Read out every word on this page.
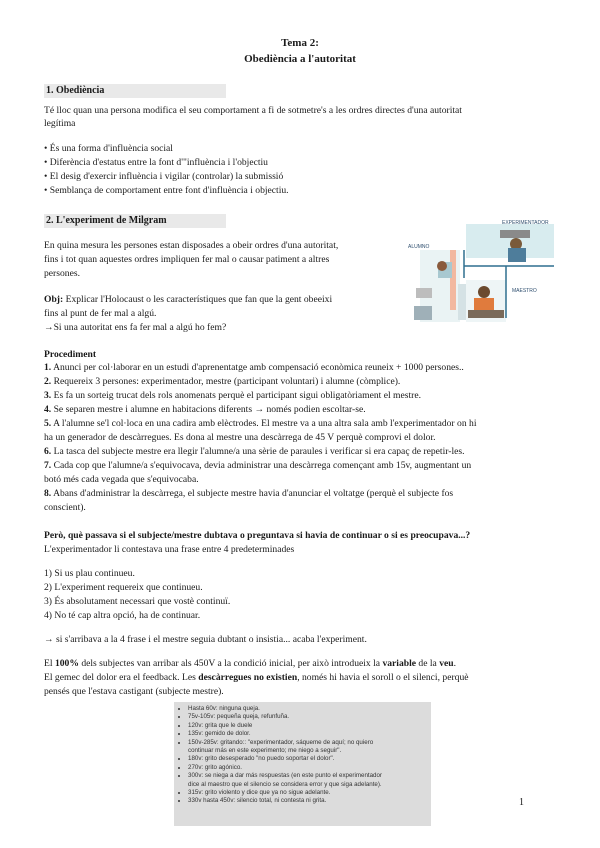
Tema 2:
Obediència a l'autoritat
1. Obediència
Té lloc quan una persona modifica el seu comportament a fi de sotmetre's a les ordres directes d'una autoritat
legítima
• És una forma d'influència social
• Diferència d'estatus entre la font d'"influència i l'objectiu
• El desig d'exercir influència i vigilar (controlar) la submissió
• Semblança de comportament entre font d'influència i objectiu.
2. L'experiment de Milgram
En quina mesura les persones estan disposades a obeir ordres d'una autoritat,
fins i tot quan aquestes ordres impliquen fer mal o causar patiment a altres
persones.
Obj: Explicar l'Holocaust o les característiques que fan que la gent obeeixi
fins al punt de fer mal a algú.
→Si una autoritat ens fa fer mal a algú ho fem?
EXPERIMENTADOR
ALUMNO
MAESTRO
Procediment
1. Anunci per col·laborar en un estudi d'aprenentatge amb compensació econòmica reuneix + 1000 persones..
2. Requereix 3 persones: experimentador, mestre (participant voluntari) i alumne (còmplice).
3. Es fa un sorteig trucat dels rols anomenats perquè el participant sigui obligatòriament el mestre.
4. Se separen mestre i alumne en habitacions diferents → només podien escoltar-se.
5. A l'alumne se'l col·loca en una cadira amb elèctrodes. El mestre va a una altra sala amb l'experimentador on hi
ha un generador de descàrregues. Es dona al mestre una descàrrega de 45 V perquè comprovi el dolor.
6. La tasca del subjecte mestre era llegir l'alumne/a una sèrie de paraules i verificar si era capaç de repetir-les.
7. Cada cop que l'alumne/a s'equivocava, devia administrar una descàrrega començant amb 15v, augmentant un
botó més cada vegada que s'equivocaba.
8. Abans d'administrar la descàrrega, el subjecte mestre havia d'anunciar el voltatge (perquè el subjecte fos
conscient).
Però, què passava si el subjecte/mestre dubtava o preguntava si havia de continuar o si es preocupava...?
L'experimentador li contestava una frase entre 4 predeterminades
1) Si us plau continueu.
2) L'experiment requereix que continueu.
3) És absolutament necessari que vostè continuï.
4) No té cap altra opció, ha de continuar.
→ si s'arribava a la 4 frase i el mestre seguia dubtant o insistia... acaba l'experiment.
El 100% dels subjectes van arribar als 450V a la condició inicial, per això introdueix la variable de la veu.
El gemec del dolor era el feedback. Les descàrregues no existien, només hi havia el soroll o el silenci, perquè
pensés que l'estava castigant (subjecte mestre).
• Hasta 60v: ninguna queja.
• 75v-105v: pequeña queja, refunfuña.
• 120v: grita que le duele
• 135v: gemido de dolor.
• 150v-285v: gritando:: "experimentador, sáqueme de aquí; no quiero
continuar más en este experimento; me niego a seguir".
• 180v: grito desesperado "no puedo soportar el dolor".
• 270v: grito agónico.
• 300v: se niega a dar más respuestas (en este punto el experimentador
dice al maestro que el silencio se considera error y que siga adelante).
• 315v: grito violento y dice que ya no sigue adelante.
• 330v hasta 450v: silencio total, ni contesta ni grita.	1
